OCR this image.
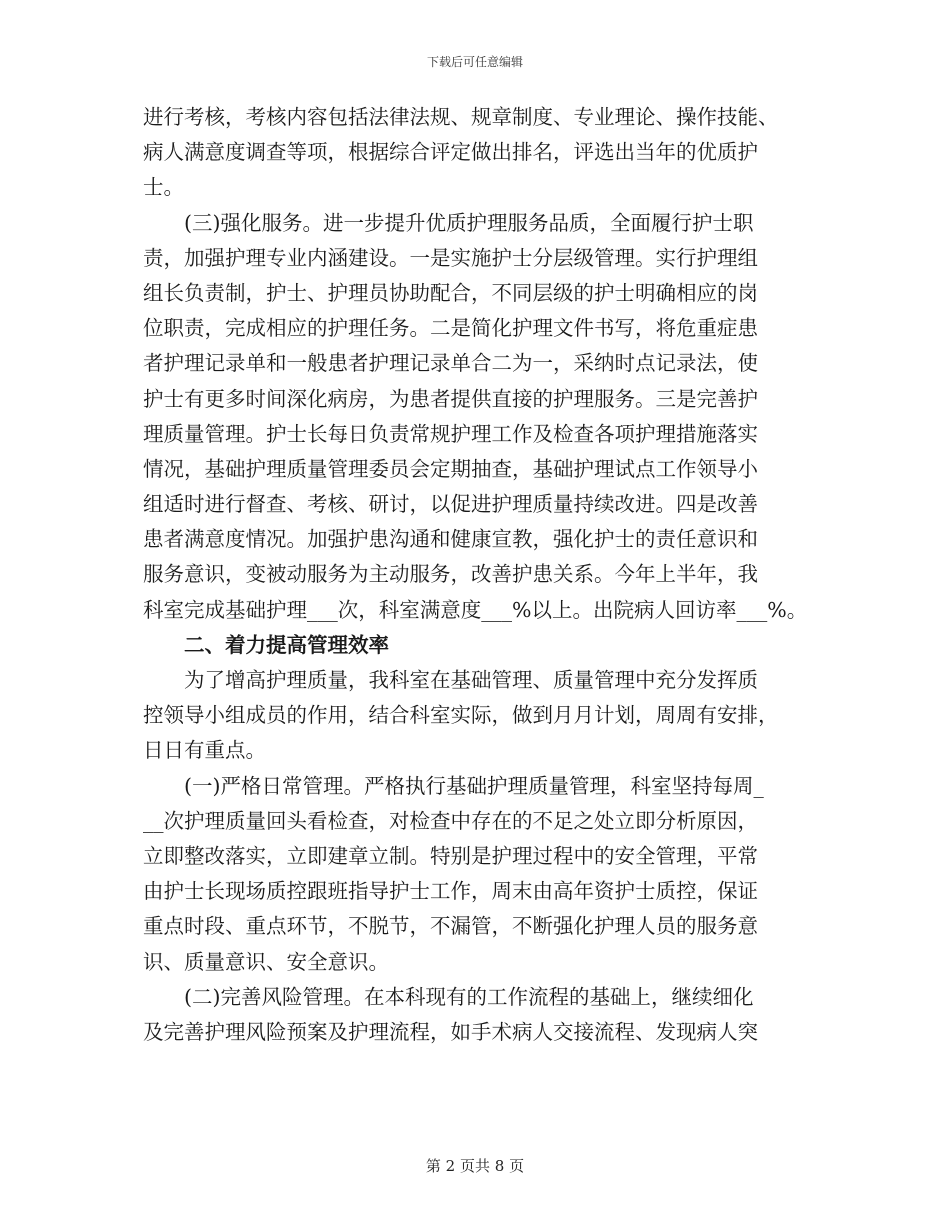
下载后可任意编辑

进行考核，考核内容包括法律法规、规章制度、专业理论、操作技能、
病人满意度调查等项，根据综合评定做出排名，评选出当年的优质护
士。

(三)强化服务。进一步提升优质护理服务品质，全面履行护士职
责，加强护理专业内涵建设。一是实施护士分层级管理。实行护理组
组长负责制，护士、护理员协助配合，不同层级的护士明确相应的岗
位职责，完成相应的护理任务。二是简化护理文件书写，将危重症患
者护理记录单和一般患者护理记录单合二为一，采纳时点记录法，使
护士有更多时间深化病房，为患者提供直接的护理服务。三是完善护
理质量管理。护士长每日负责常规护理工作及检查各项护理措施落实
情况，基础护理质量管理委员会定期抽查，基础护理试点工作领导小
组适时进行督查、考核、研讨，以促进护理质量持续改进。四是改善
患者满意度情况。加强护患沟通和健康宣教，强化护士的责任意识和
服务意识，变被动服务为主动服务，改善护患关系。今年上半年，我
科室完成基础护理___次，科室满意度___%以上。出院病人回访率___%。

二、着力提高管理效率

为了增高护理质量，我科室在基础管理、质量管理中充分发挥质
控领导小组成员的作用，结合科室实际，做到月月计划，周周有安排，
日日有重点。

(一)严格日常管理。严格执行基础护理质量管理，科室坚持每周_
__次护理质量回头看检查，对检查中存在的不足之处立即分析原因，
立即整改落实，立即建章立制。特别是护理过程中的安全管理，平常
由护士长现场质控跟班指导护士工作，周末由高年资护士质控，保证
重点时段、重点环节，不脱节，不漏管，不断强化护理人员的服务意
识、质量意识、安全意识。

(二)完善风险管理。在本科现有的工作流程的基础上，继续细化
及完善护理风险预案及护理流程，如手术病人交接流程、发现病人突

第 2 页共 8 页
